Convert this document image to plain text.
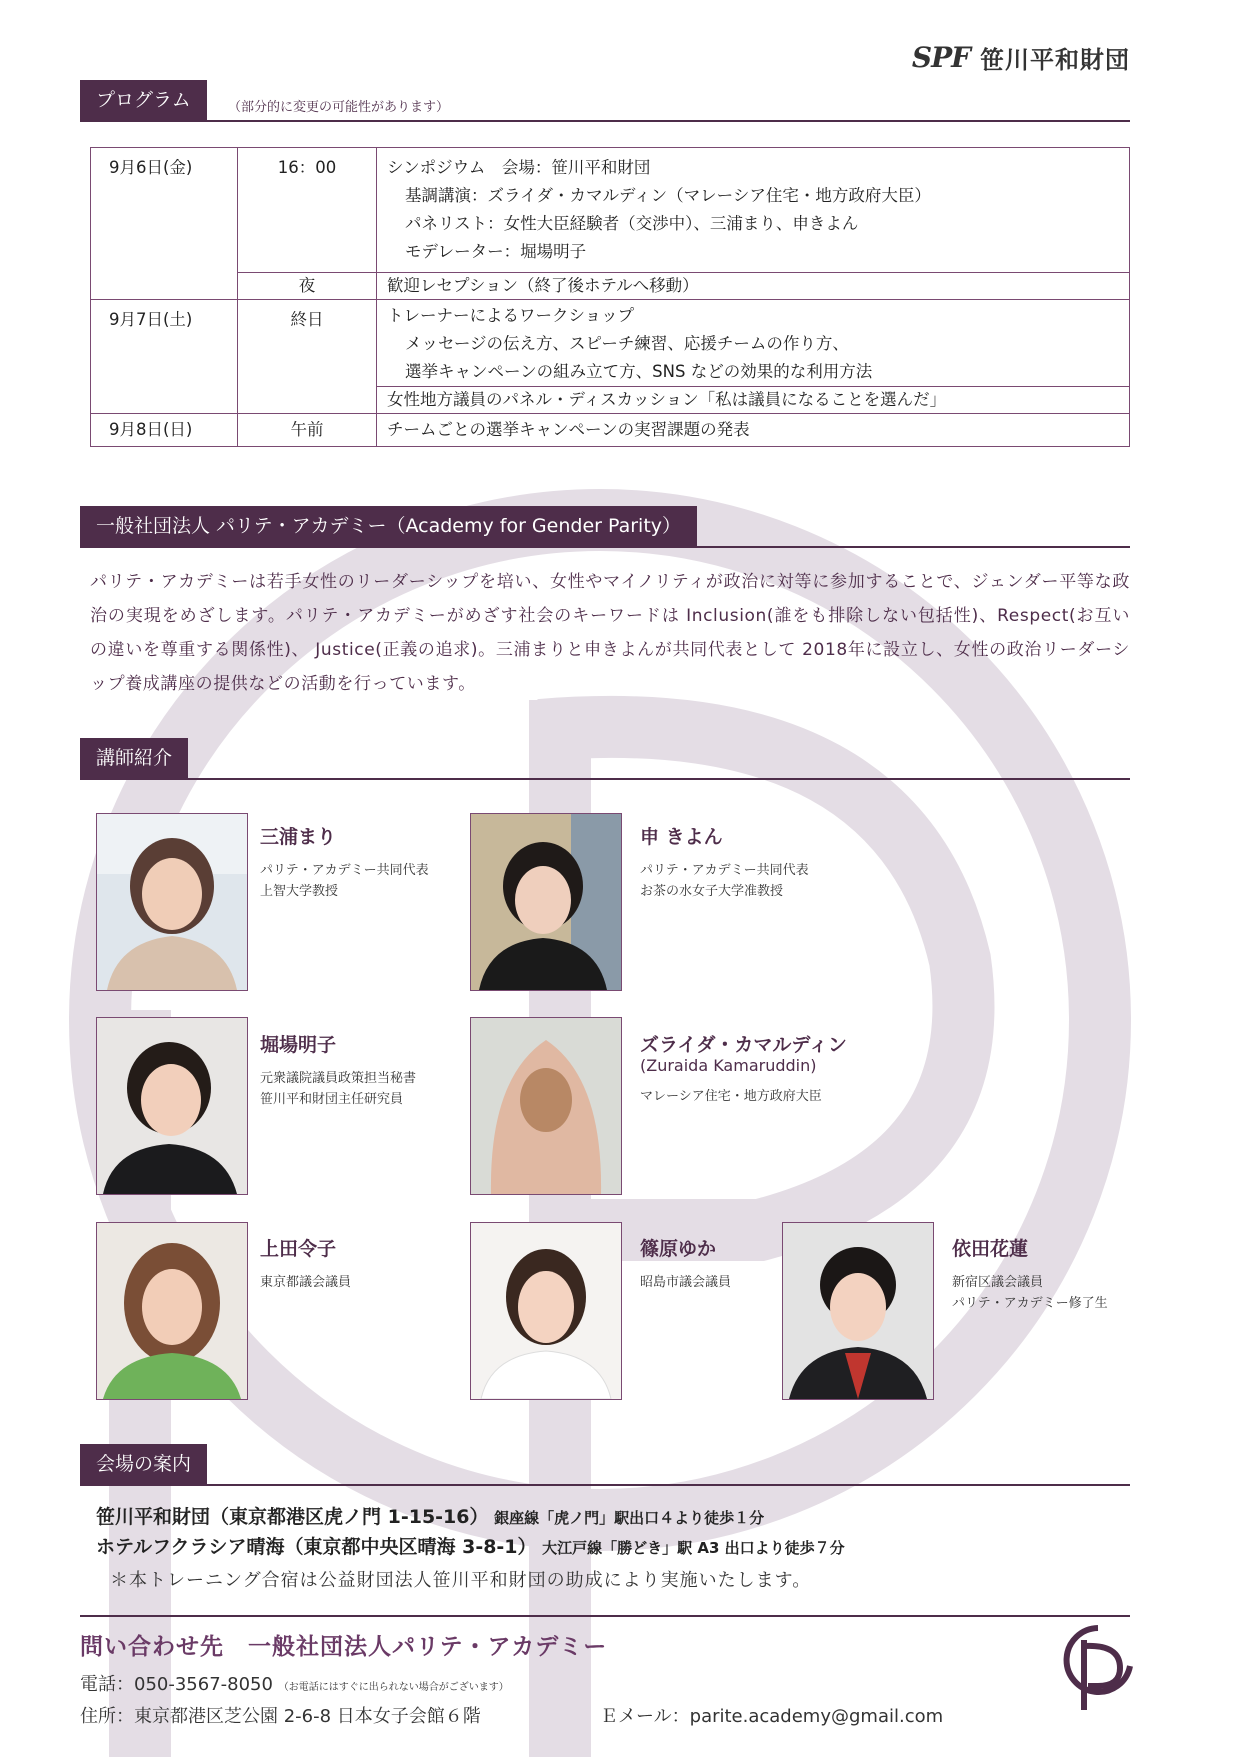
SPF 笹川平和財団
プログラム	（部分的に変更の可能性があります）
9月6日(金)	16：00	シンポジウム　会場：笹川平和財団
基調講演：ズライダ・カマルディン（マレーシア住宅・地方政府大臣）
パネリスト：女性大臣経験者（交渉中）、三浦まり、申きよん
モデレーター：堀場明子

	夜	歓迎レセプション（終了後ホテルへ移動）

9月7日(土)	終日	トレーナーによるワークショップ
メッセージの伝え方、スピーチ練習、応援チームの作り方、
選挙キャンペーンの組み立て方、SNS などの効果的な利用方法

		女性地方議員のパネル・ディスカッション「私は議員になることを選んだ」

9月8日(日)	午前	チームごとの選挙キャンペーンの実習課題の発表
一般社団法人 パリテ・アカデミー（Academy for Gender Parity）
パリテ・アカデミーは若手女性のリーダーシップを培い、女性やマイノリティが政治に対等に参加することで、ジェンダー平等な政治の実現をめざします。パリテ・アカデミーがめざす社会のキーワードは Inclusion(誰をも排除しない包括性)、Respect(お互いの違いを尊重する関係性)、 Justice(正義の追求)。三浦まりと申きよんが共同代表として 2018年に設立し、女性の政治リーダーシップ養成講座の提供などの活動を行っています。
講師紹介
三浦まり
パリテ・アカデミー共同代表
上智大学教授
申 きよん
パリテ・アカデミー共同代表
お茶の水女子大学准教授
堀場明子
元衆議院議員政策担当秘書
笹川平和財団主任研究員
ズライダ・カマルディン
(Zuraida Kamaruddin)
マレーシア住宅・地方政府大臣
上田令子
東京都議会議員
篠原ゆか
昭島市議会議員
依田花蓮
新宿区議会議員
パリテ・アカデミー修了生
会場の案内
笹川平和財団（東京都港区虎ノ門 1-15-16） 銀座線「虎ノ門」駅出口４より徒歩１分
ホテルフクラシア晴海（東京都中央区晴海 3-8-1） 大江戸線「勝どき」駅 A3 出口より徒歩７分
＊本トレーニング合宿は公益財団法人笹川平和財団の助成により実施いたします。
問い合わせ先　一般社団法人パリテ・アカデミー
電話：050-3567-8050 （お電話にはすぐに出られない場合がございます）
住所：東京都港区芝公園 2-6-8 日本女子会館６階	Ｅメール：parite.academy@gmail.com
